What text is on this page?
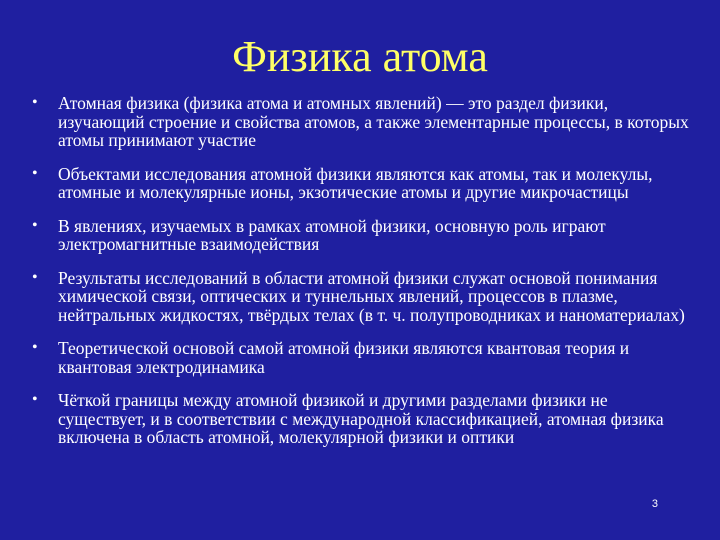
Физика атома
• Атомная физика (физика атома и атомных явлений) — это раздел физики, изучающий строение и свойства атомов, а также элементарные процессы, в которых атомы принимают участие
• Объектами исследования атомной физики являются как атомы, так и молекулы, атомные и молекулярные ионы, экзотические атомы и другие микрочастицы
• В явлениях, изучаемых в рамках атомной физики, основную роль играют электромагнитные взаимодействия
• Результаты исследований в области атомной физики служат основой понимания химической связи, оптических и туннельных явлений, процессов в плазме, нейтральных жидкостях, твёрдых телах (в т. ч. полупроводниках и наноматериалах)
• Теоретической основой самой атомной физики являются квантовая теория и квантовая электродинамика
• Чёткой границы между атомной физикой и другими разделами физики не существует, и в соответствии с международной классификацией, атомная физика включена в область атомной, молекулярной физики и оптики
3
